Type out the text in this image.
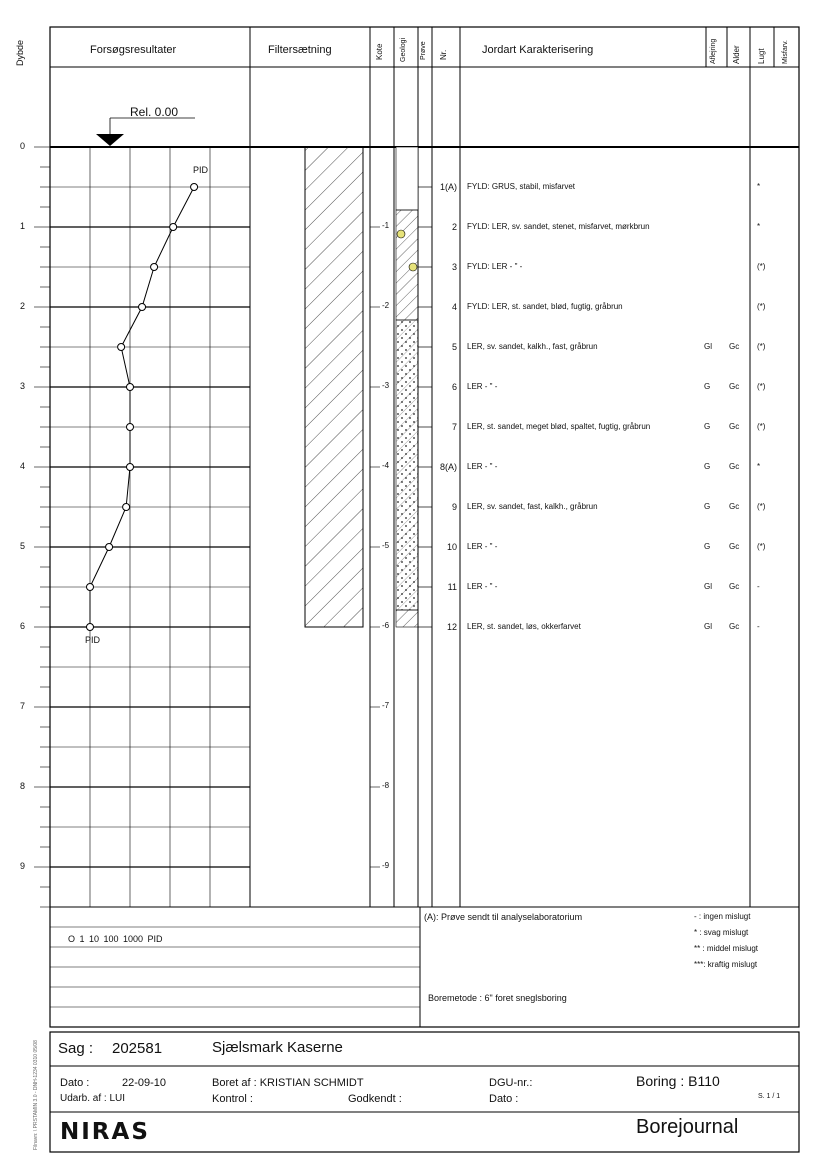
Dybde	Forsøgsresultater	Filtersætning	Kote Geologi Prøve Nr.	Jordart Karakterisering	Aflejring Alder Lugt Misfarv.
Rel. 0.00
0
1
2
3
4
5
6
7
8
9
-1
-2
-3
-4
-5
-6
-7
-8
-9
PID
PID
1(A) FYLD: GRUS, stabil, misfarvet	*
2 FYLD: LER, sv. sandet, stenet, misfarvet, mørkbrun	*
3 FYLD: LER - " -	(*)
4 FYLD: LER, st. sandet, blød, fugtig, gråbrun	(*)
5 LER, sv. sandet, kalkh., fast, gråbrun	Gl Gc (*)
6 LER - " -	G Gc (*)
7 LER, st. sandet, meget blød, spaltet, fugtig, gråbrun	G Gc (*)
8(A) LER - " -	G Gc *
9 LER, sv. sandet, fast, kalkh., gråbrun	G Gc (*)
10 LER - " -	G Gc (*)
11 LER - " -	Gl Gc -
12 LER, st. sandet, løs, okkerfarvet	Gl Gc -
O 1 10 100 1000 PID
(A): Prøve sendt til analyselaboratorium
Boremetode : 6" foret sneglsboring
- : ingen mislugt
* : svag mislugt
** : middel mislugt
***: kraftig mislugt
Sag : 202581	Sjælsmark Kaserne
Dato :	22-09-10
Udarb. af : LUI
Boret af : KRISTIAN SCHMIDT
Kontrol :	Godkendt :
DGU-nr.:
Dato :
Boring : B110
S. 1 / 1
NIRAS	Borejournal
Filnavn: \ PRSTAMIN 3.0 - DNH-1234 0310 05/08
